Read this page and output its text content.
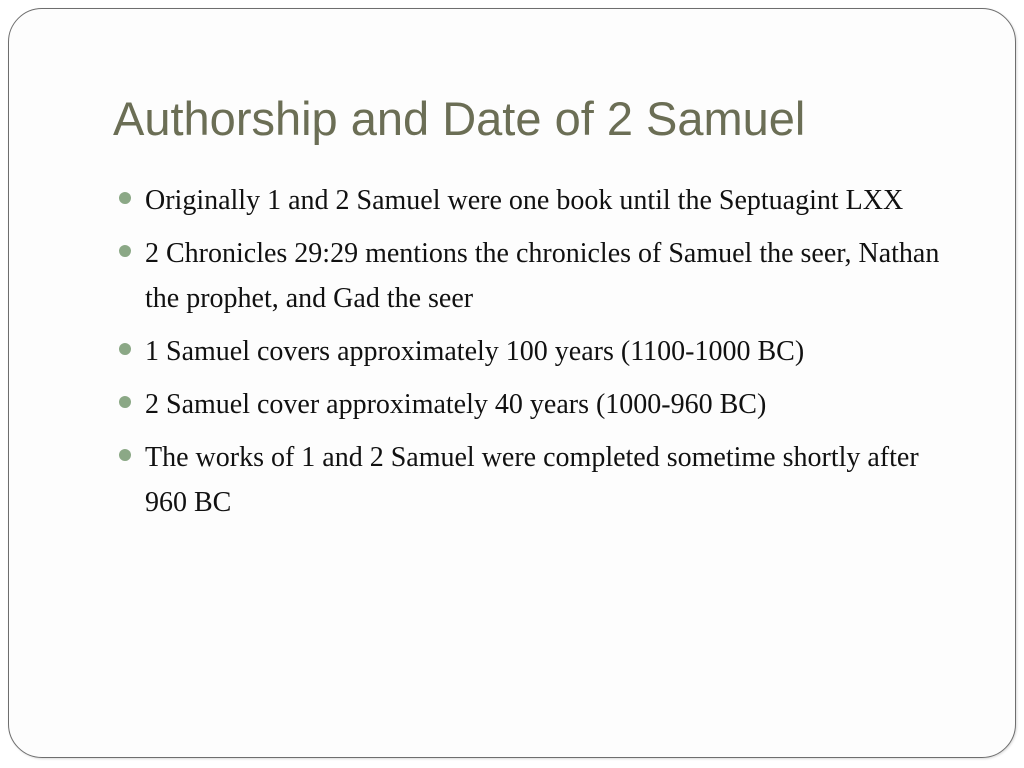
Authorship and Date of 2 Samuel
Originally 1 and 2 Samuel were one book until the Septuagint LXX
2 Chronicles 29:29 mentions the chronicles of Samuel the seer, Nathan the prophet, and Gad the seer
1 Samuel covers approximately 100 years (1100-1000 BC)
2 Samuel cover approximately 40 years (1000-960 BC)
The works of 1 and 2 Samuel were completed sometime shortly after 960 BC
